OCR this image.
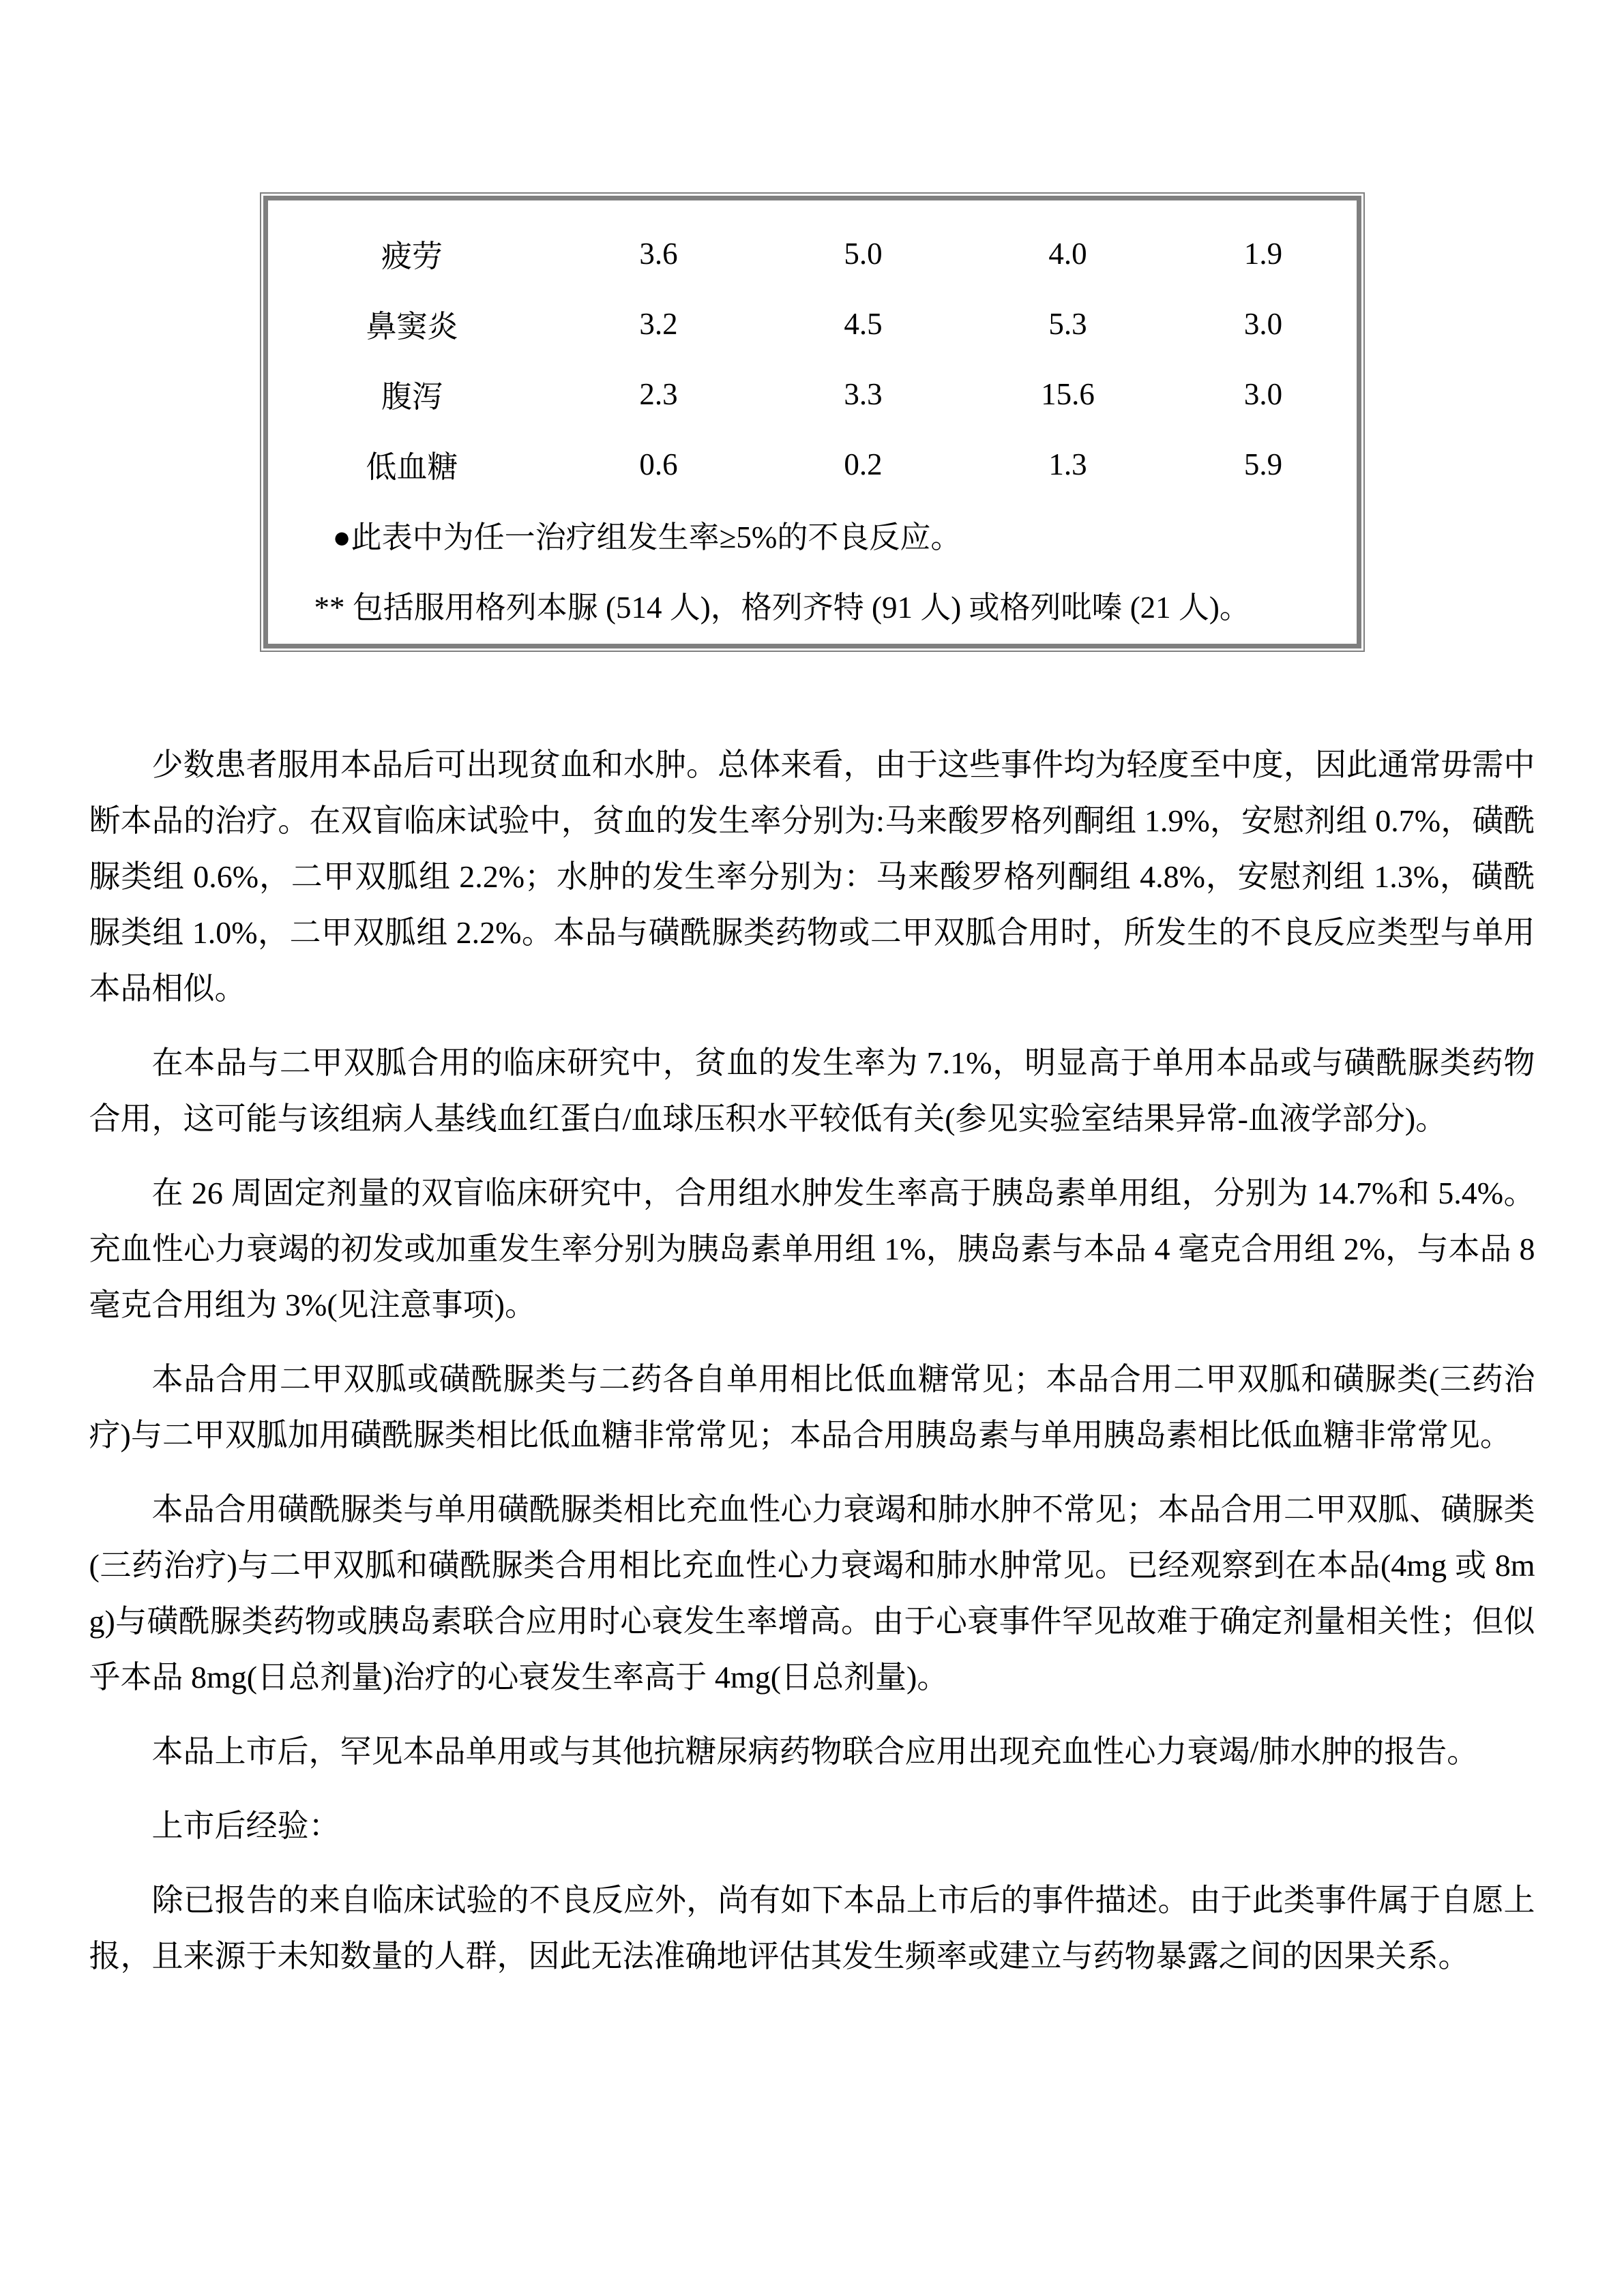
疲劳	3.6	5.0	4.0	1.9
鼻窦炎	3.2	4.5	5.3	3.0
腹泻	2.3	3.3	15.6	3.0
低血糖	0.6	0.2	1.3	5.9
●此表中为任一治疗组发生率≥5%的不良反应。
** 包括服用格列本脲 (514 人)，格列齐特 (91 人) 或格列吡嗪 (21 人)。

少数患者服用本品后可出现贫血和水肿。总体来看，由于这些事件均为轻度至中度，因此通常毋需中断本品的治疗。在双盲临床试验中，贫血的发生率分别为:马来酸罗格列酮组 1.9%，安慰剂组 0.7%，磺酰脲类组 0.6%，二甲双胍组 2.2%；水肿的发生率分别为：马来酸罗格列酮组 4.8%，安慰剂组 1.3%，磺酰脲类组 1.0%，二甲双胍组 2.2%。本品与磺酰脲类药物或二甲双胍合用时，所发生的不良反应类型与单用本品相似。

在本品与二甲双胍合用的临床研究中，贫血的发生率为 7.1%，明显高于单用本品或与磺酰脲类药物合用，这可能与该组病人基线血红蛋白/血球压积水平较低有关(参见实验室结果异常-血液学部分)。

在 26 周固定剂量的双盲临床研究中，合用组水肿发生率高于胰岛素单用组，分别为 14.7%和 5.4%。充血性心力衰竭的初发或加重发生率分别为胰岛素单用组 1%，胰岛素与本品 4 毫克合用组 2%，与本品 8 毫克合用组为 3%(见注意事项)。

本品合用二甲双胍或磺酰脲类与二药各自单用相比低血糖常见；本品合用二甲双胍和磺脲类(三药治疗)与二甲双胍加用磺酰脲类相比低血糖非常常见；本品合用胰岛素与单用胰岛素相比低血糖非常常见。

本品合用磺酰脲类与单用磺酰脲类相比充血性心力衰竭和肺水肿不常见；本品合用二甲双胍、磺脲类(三药治疗)与二甲双胍和磺酰脲类合用相比充血性心力衰竭和肺水肿常见。已经观察到在本品(4mg 或 8mg)与磺酰脲类药物或胰岛素联合应用时心衰发生率增高。由于心衰事件罕见故难于确定剂量相关性；但似乎本品 8mg(日总剂量)治疗的心衰发生率高于 4mg(日总剂量)。

本品上市后，罕见本品单用或与其他抗糖尿病药物联合应用出现充血性心力衰竭/肺水肿的报告。

上市后经验：

除已报告的来自临床试验的不良反应外，尚有如下本品上市后的事件描述。由于此类事件属于自愿上报，且来源于未知数量的人群，因此无法准确地评估其发生频率或建立与药物暴露之间的因果关系。
